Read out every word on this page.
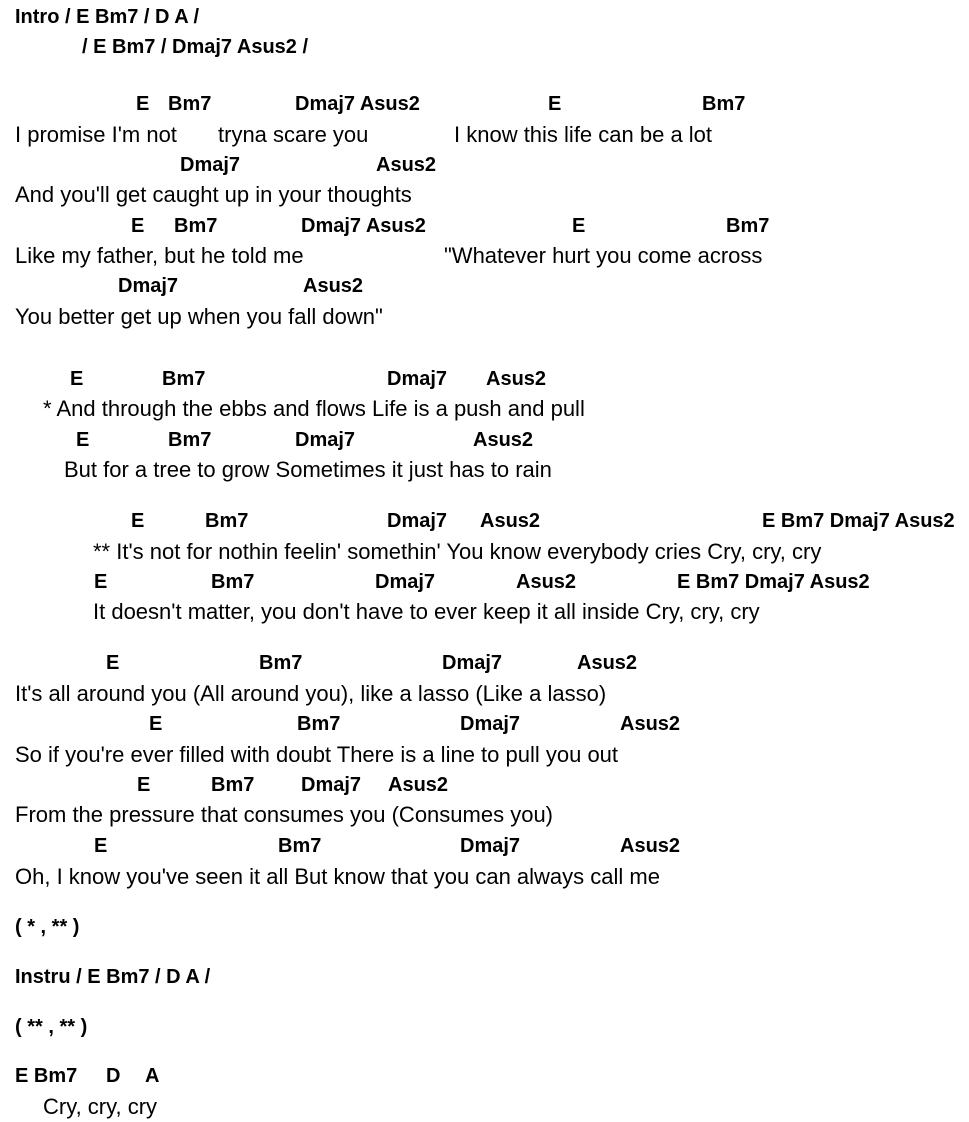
Intro / E Bm7 / D A /
/ E Bm7 / Dmaj7 Asus2 /
E Bm7	Dmaj7 Asus2	E	Bm7
I promise I'm not tryna scare you	I know this life can be a lot
Dmaj7	Asus2
And you'll get caught up in your thoughts
E Bm7	Dmaj7 Asus2	E	Bm7
Like my father, but he told me	"Whatever hurt you come across
Dmaj7	Asus2
You better get up when you fall down"
E	Bm7	Dmaj7 Asus2
* And through the ebbs and flows Life is a push and pull
E	Bm7	Dmaj7	Asus2
But for a tree to grow Sometimes it just has to rain
E	Bm7	Dmaj7 Asus2	E Bm7 Dmaj7 Asus2
** It's not for nothin feelin' somethin' You know everybody cries Cry, cry, cry
E	Bm7	Dmaj7	Asus2	E Bm7 Dmaj7 Asus2
It doesn't matter, you don't have to ever keep it all inside Cry, cry, cry
E	Bm7	Dmaj7	Asus2
It's all around you (All around you), like a lasso (Like a lasso)
E	Bm7	Dmaj7	Asus2
So if you're ever filled with doubt There is a line to pull you out
E	Bm7 Dmaj7 Asus2
From the pressure that consumes you (Consumes you)
E	Bm7	Dmaj7	Asus2
Oh, I know you've seen it all But know that you can always call me
( * , ** )
Instru / E Bm7 / D A /
( ** , ** )
E Bm7 D A
Cry, cry, cry
